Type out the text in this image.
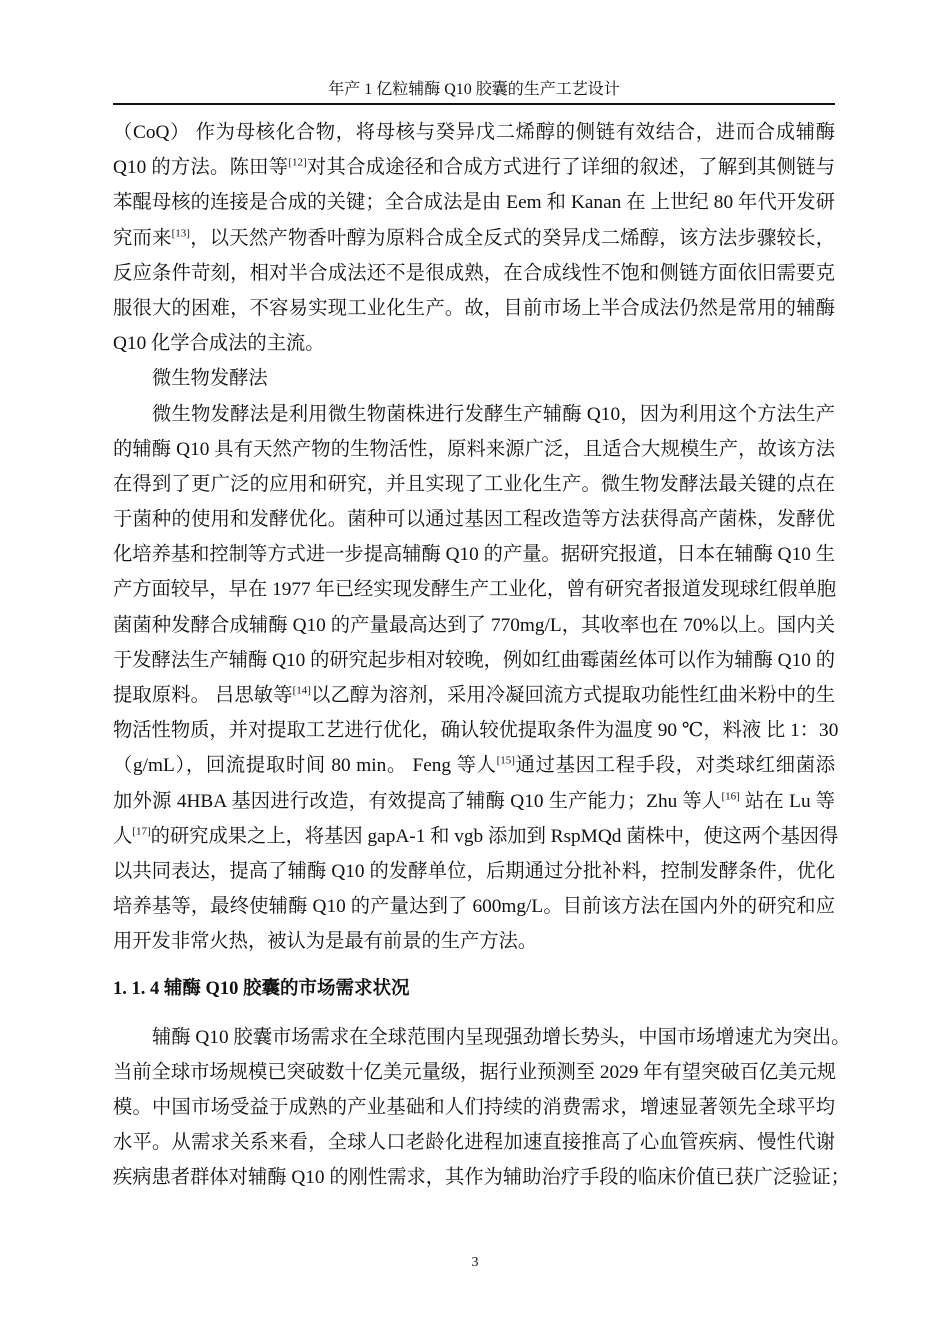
年产 1 亿粒辅酶 Q10 胶囊的生产工艺设计
（CoQ） 作为母核化合物，将母核与癸异戊二烯醇的侧链有效结合，进而合成辅酶
Q10 的方法。陈田等[12]对其合成途径和合成方式进行了详细的叙述，了解到其侧链与
苯醌母核的连接是合成的关键；全合成法是由 Eem 和 Kanan 在 上世纪 80 年代开发研
究而来[13]，以天然产物香叶醇为原料合成全反式的癸异戊二烯醇，该方法步骤较长，
反应条件苛刻，相对半合成法还不是很成熟，在合成线性不饱和侧链方面依旧需要克
服很大的困难，不容易实现工业化生产。故，目前市场上半合成法仍然是常用的辅酶
Q10 化学合成法的主流。
微生物发酵法
微生物发酵法是利用微生物菌株进行发酵生产辅酶 Q10，因为利用这个方法生产
的辅酶 Q10 具有天然产物的生物活性，原料来源广泛，且适合大规模生产，故该方法
在得到了更广泛的应用和研究，并且实现了工业化生产。微生物发酵法最关键的点在
于菌种的使用和发酵优化。菌种可以通过基因工程改造等方法获得高产菌株，发酵优
化培养基和控制等方式进一步提高辅酶 Q10 的产量。据研究报道，日本在辅酶 Q10 生
产方面较早，早在 1977 年已经实现发酵生产工业化，曾有研究者报道发现球红假单胞
菌菌种发酵合成辅酶 Q10 的产量最高达到了 770mg/L，其收率也在 70%以上。国内关
于发酵法生产辅酶 Q10 的研究起步相对较晚，例如红曲霉菌丝体可以作为辅酶 Q10 的
提取原料。 吕思敏等[14]以乙醇为溶剂，采用冷凝回流方式提取功能性红曲米粉中的生
物活性物质，并对提取工艺进行优化，确认较优提取条件为温度 90 ℃，料液 比 1：30
（g/mL），回流提取时间 80 min。 Feng 等人[15]通过基因工程手段，对类球红细菌添
加外源 4HBA 基因进行改造，有效提高了辅酶 Q10 生产能力；Zhu 等人[16] 站在 Lu 等
人[17]的研究成果之上，将基因 gapA-1 和 vgb 添加到 RspMQd 菌株中，使这两个基因得
以共同表达，提高了辅酶 Q10 的发酵单位，后期通过分批补料，控制发酵条件，优化
培养基等，最终使辅酶 Q10 的产量达到了 600mg/L。目前该方法在国内外的研究和应
用开发非常火热，被认为是最有前景的生产方法。
1. 1. 4 辅酶 Q10 胶囊的市场需求状况
辅酶 Q10 胶囊市场需求在全球范围内呈现强劲增长势头，中国市场增速尤为突出。
当前全球市场规模已突破数十亿美元量级，据行业预测至 2029 年有望突破百亿美元规
模。中国市场受益于成熟的产业基础和人们持续的消费需求，增速显著领先全球平均
水平。从需求关系来看，全球人口老龄化进程加速直接推高了心血管疾病、慢性代谢
疾病患者群体对辅酶 Q10 的刚性需求，其作为辅助治疗手段的临床价值已获广泛验证；
3
